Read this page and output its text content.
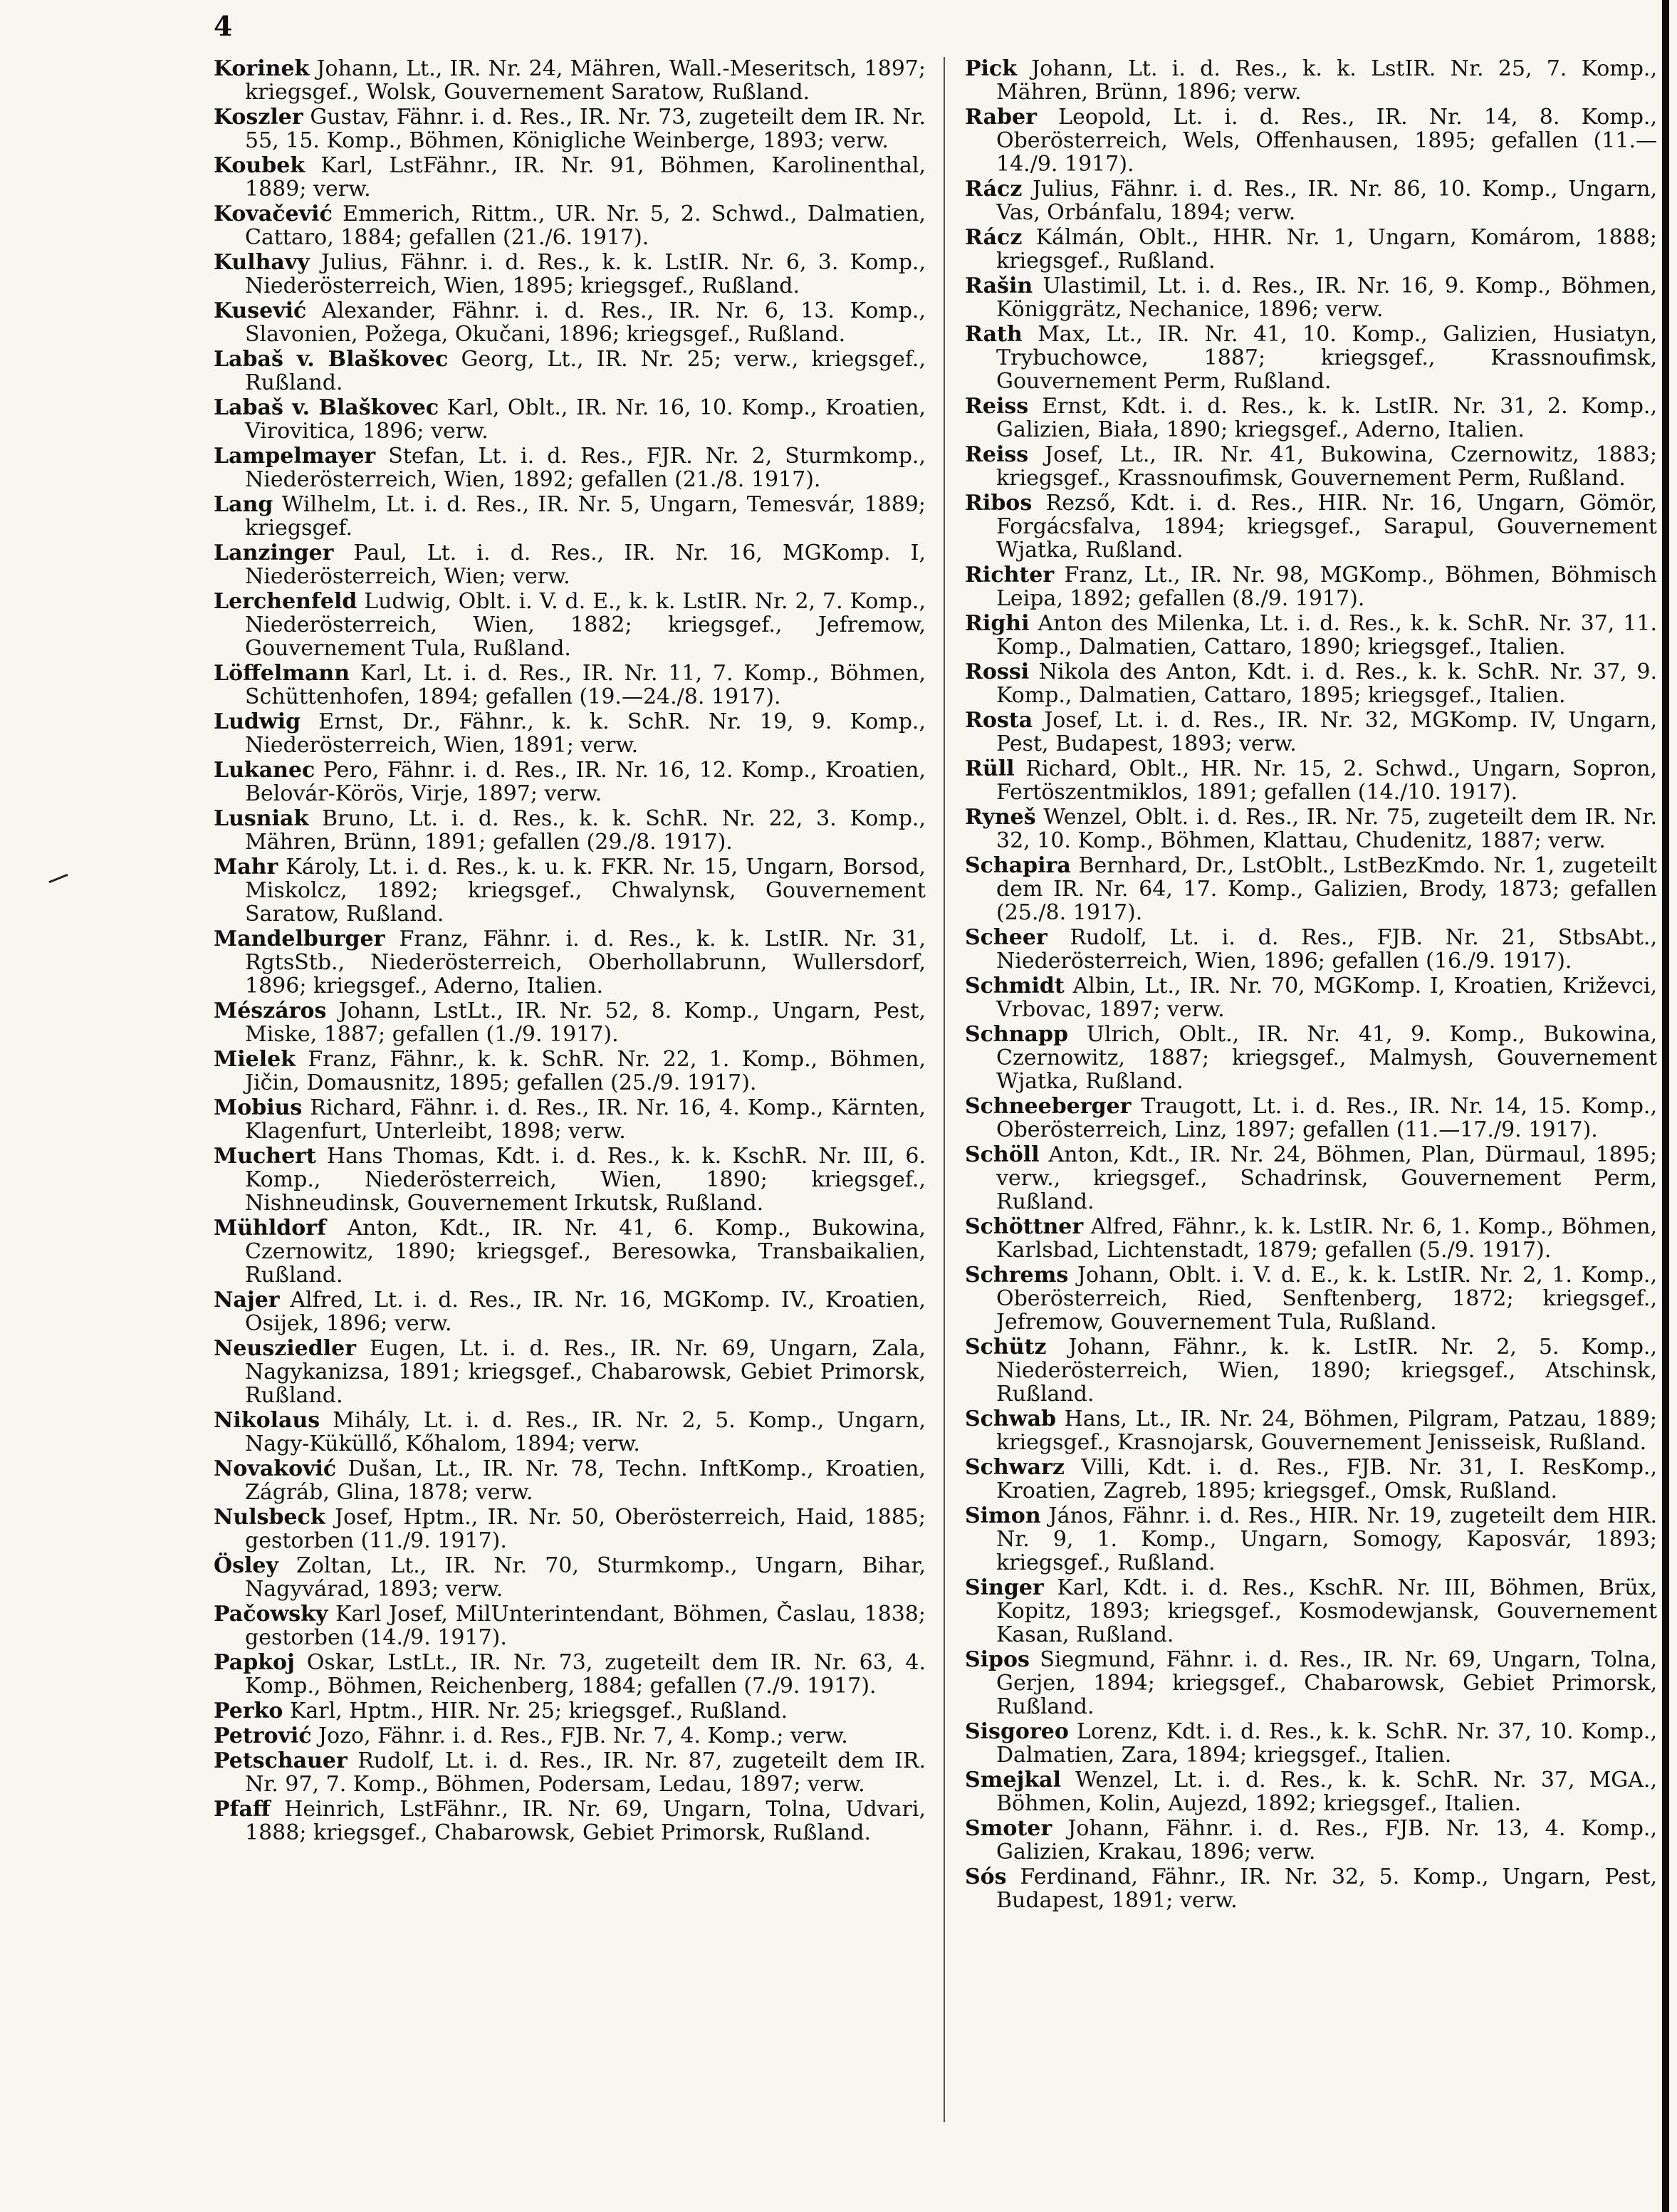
4

Korinek Johann, Lt., IR. Nr. 24, Mähren, Wall.-Meseritsch, 1897; kriegsgef., Wolsk, Gouvernement Saratow, Rußland.

Koszler Gustav, Fähnr. i. d. Res., IR. Nr. 73, zugeteilt dem IR. Nr. 55, 15. Komp., Böhmen, Königliche Weinberge, 1893; verw.

Koubek Karl, LstFähnr., IR. Nr. 91, Böhmen, Karolinenthal, 1889; verw.

Kovačević Emmerich, Rittm., UR. Nr. 5, 2. Schwd., Dalmatien, Cattaro, 1884; gefallen (21./6. 1917).

Kulhavy Julius, Fähnr. i. d. Res., k. k. LstIR. Nr. 6, 3. Komp., Niederösterreich, Wien, 1895; kriegsgef., Rußland.

Kusević Alexander, Fähnr. i. d. Res., IR. Nr. 6, 13. Komp., Slavonien, Požega, Okučani, 1896; kriegsgef., Rußland.

Labaš v. Blaškovec Georg, Lt., IR. Nr. 25; verw., kriegsgef., Rußland.

Labaš v. Blaškovec Karl, Oblt., IR. Nr. 16, 10. Komp., Kroatien, Virovitica, 1896; verw.

Lampelmayer Stefan, Lt. i. d. Res., FJR. Nr. 2, Sturmkomp., Niederösterreich, Wien, 1892; gefallen (21./8. 1917).

Lang Wilhelm, Lt. i. d. Res., IR. Nr. 5, Ungarn, Temesvár, 1889; kriegsgef.

Lanzinger Paul, Lt. i. d. Res., IR. Nr. 16, MGKomp. I, Niederösterreich, Wien; verw.

Lerchenfeld Ludwig, Oblt. i. V. d. E., k. k. LstIR. Nr. 2, 7. Komp., Niederösterreich, Wien, 1882; kriegsgef., Jefremow, Gouvernement Tula, Rußland.

Löffelmann Karl, Lt. i. d. Res., IR. Nr. 11, 7. Komp., Böhmen, Schüttenhofen, 1894; gefallen (19.—24./8. 1917).

Ludwig Ernst, Dr., Fähnr., k. k. SchR. Nr. 19, 9. Komp., Niederösterreich, Wien, 1891; verw.

Lukanec Pero, Fähnr. i. d. Res., IR. Nr. 16, 12. Komp., Kroatien, Belovár-Körös, Virje, 1897; verw.

Lusniak Bruno, Lt. i. d. Res., k. k. SchR. Nr. 22, 3. Komp., Mähren, Brünn, 1891; gefallen (29./8. 1917).

Mahr Károly, Lt. i. d. Res., k. u. k. FKR. Nr. 15, Ungarn, Borsod, Miskolcz, 1892; kriegsgef., Chwalynsk, Gouvernement Saratow, Rußland.

Mandelburger Franz, Fähnr. i. d. Res., k. k. LstIR. Nr. 31, RgtsStb., Niederösterreich, Oberhollabrunn, Wullersdorf, 1896; kriegsgef., Aderno, Italien.

Mészáros Johann, LstLt., IR. Nr. 52, 8. Komp., Ungarn, Pest, Miske, 1887; gefallen (1./9. 1917).

Mielek Franz, Fähnr., k. k. SchR. Nr. 22, 1. Komp., Böhmen, Jičin, Domausnitz, 1895; gefallen (25./9. 1917).

Mobius Richard, Fähnr. i. d. Res., IR. Nr. 16, 4. Komp., Kärnten, Klagenfurt, Unterleibt, 1898; verw.

Muchert Hans Thomas, Kdt. i. d. Res., k. k. KschR. Nr. III, 6. Komp., Niederösterreich, Wien, 1890; kriegsgef., Nishneudinsk, Gouvernement Irkutsk, Rußland.

Mühldorf Anton, Kdt., IR. Nr. 41, 6. Komp., Bukowina, Czernowitz, 1890; kriegsgef., Beresowka, Transbaikalien, Rußland.

Najer Alfred, Lt. i. d. Res., IR. Nr. 16, MGKomp. IV., Kroatien, Osijek, 1896; verw.

Neusziedler Eugen, Lt. i. d. Res., IR. Nr. 69, Ungarn, Zala, Nagykanizsa, 1891; kriegsgef., Chabarowsk, Gebiet Primorsk, Rußland.

Nikolaus Mihály, Lt. i. d. Res., IR. Nr. 2, 5. Komp., Ungarn, Nagy-Küküllő, Kőhalom, 1894; verw.

Novaković Dušan, Lt., IR. Nr. 78, Techn. InftKomp., Kroatien, Zágráb, Glina, 1878; verw.

Nulsbeck Josef, Hptm., IR. Nr. 50, Oberösterreich, Haid, 1885; gestorben (11./9. 1917).

Ösley Zoltan, Lt., IR. Nr. 70, Sturmkomp., Ungarn, Bihar, Nagyvárad, 1893; verw.

Pačowsky Karl Josef, MilUnterintendant, Böhmen, Časlau, 1838; gestorben (14./9. 1917).

Papkoj Oskar, LstLt., IR. Nr. 73, zugeteilt dem IR. Nr. 63, 4. Komp., Böhmen, Reichenberg, 1884; gefallen (7./9. 1917).

Perko Karl, Hptm., HIR. Nr. 25; kriegsgef., Rußland.

Petrović Jozo, Fähnr. i. d. Res., FJB. Nr. 7, 4. Komp.; verw.

Petschauer Rudolf, Lt. i. d. Res., IR. Nr. 87, zugeteilt dem IR. Nr. 97, 7. Komp., Böhmen, Podersam, Ledau, 1897; verw.

Pfaff Heinrich, LstFähnr., IR. Nr. 69, Ungarn, Tolna, Udvari, 1888; kriegsgef., Chabarowsk, Gebiet Primorsk, Rußland.

Pick Johann, Lt. i. d. Res., k. k. LstIR. Nr. 25, 7. Komp., Mähren, Brünn, 1896; verw.

Raber Leopold, Lt. i. d. Res., IR. Nr. 14, 8. Komp., Oberösterreich, Wels, Offenhausen, 1895; gefallen (11.—14./9. 1917).

Rácz Julius, Fähnr. i. d. Res., IR. Nr. 86, 10. Komp., Ungarn, Vas, Orbánfalu, 1894; verw.

Rácz Kálmán, Oblt., HHR. Nr. 1, Ungarn, Komárom, 1888; kriegsgef., Rußland.

Rašin Ulastimil, Lt. i. d. Res., IR. Nr. 16, 9. Komp., Böhmen, Königgrätz, Nechanice, 1896; verw.

Rath Max, Lt., IR. Nr. 41, 10. Komp., Galizien, Husiatyn, Trybuchowce, 1887; kriegsgef., Krassnoufimsk, Gouvernement Perm, Rußland.

Reiss Ernst, Kdt. i. d. Res., k. k. LstIR. Nr. 31, 2. Komp., Galizien, Biała, 1890; kriegsgef., Aderno, Italien.

Reiss Josef, Lt., IR. Nr. 41, Bukowina, Czernowitz, 1883; kriegsgef., Krassnoufimsk, Gouvernement Perm, Rußland.

Ribos Rezső, Kdt. i. d. Res., HIR. Nr. 16, Ungarn, Gömör, Forgácsfalva, 1894; kriegsgef., Sarapul, Gouvernement Wjatka, Rußland.

Richter Franz, Lt., IR. Nr. 98, MGKomp., Böhmen, Böhmisch Leipa, 1892; gefallen (8./9. 1917).

Righi Anton des Milenka, Lt. i. d. Res., k. k. SchR. Nr. 37, 11. Komp., Dalmatien, Cattaro, 1890; kriegsgef., Italien.

Rossi Nikola des Anton, Kdt. i. d. Res., k. k. SchR. Nr. 37, 9. Komp., Dalmatien, Cattaro, 1895; kriegsgef., Italien.

Rosta Josef, Lt. i. d. Res., IR. Nr. 32, MGKomp. IV, Ungarn, Pest, Budapest, 1893; verw.

Rüll Richard, Oblt., HR. Nr. 15, 2. Schwd., Ungarn, Sopron, Fertöszentmiklos, 1891; gefallen (14./10. 1917).

Ryneš Wenzel, Oblt. i. d. Res., IR. Nr. 75, zugeteilt dem IR. Nr. 32, 10. Komp., Böhmen, Klattau, Chudenitz, 1887; verw.

Schapira Bernhard, Dr., LstOblt., LstBezKmdo. Nr. 1, zugeteilt dem IR. Nr. 64, 17. Komp., Galizien, Brody, 1873; gefallen (25./8. 1917).

Scheer Rudolf, Lt. i. d. Res., FJB. Nr. 21, StbsAbt., Niederösterreich, Wien, 1896; gefallen (16./9. 1917).

Schmidt Albin, Lt., IR. Nr. 70, MGKomp. I, Kroatien, Križevci, Vrbovac, 1897; verw.

Schnapp Ulrich, Oblt., IR. Nr. 41, 9. Komp., Bukowina, Czernowitz, 1887; kriegsgef., Malmysh, Gouvernement Wjatka, Rußland.

Schneeberger Traugott, Lt. i. d. Res., IR. Nr. 14, 15. Komp., Oberösterreich, Linz, 1897; gefallen (11.—17./9. 1917).

Schöll Anton, Kdt., IR. Nr. 24, Böhmen, Plan, Dürmaul, 1895; verw., kriegsgef., Schadrinsk, Gouvernement Perm, Rußland.

Schöttner Alfred, Fähnr., k. k. LstIR. Nr. 6, 1. Komp., Böhmen, Karlsbad, Lichtenstadt, 1879; gefallen (5./9. 1917).

Schrems Johann, Oblt. i. V. d. E., k. k. LstIR. Nr. 2, 1. Komp., Oberösterreich, Ried, Senftenberg, 1872; kriegsgef., Jefremow, Gouvernement Tula, Rußland.

Schütz Johann, Fähnr., k. k. LstIR. Nr. 2, 5. Komp., Niederösterreich, Wien, 1890; kriegsgef., Atschinsk, Rußland.

Schwab Hans, Lt., IR. Nr. 24, Böhmen, Pilgram, Patzau, 1889; kriegsgef., Krasnojarsk, Gouvernement Jenisseisk, Rußland.

Schwarz Villi, Kdt. i. d. Res., FJB. Nr. 31, I. ResKomp., Kroatien, Zagreb, 1895; kriegsgef., Omsk, Rußland.

Simon János, Fähnr. i. d. Res., HIR. Nr. 19, zugeteilt dem HIR. Nr. 9, 1. Komp., Ungarn, Somogy, Kaposvár, 1893; kriegsgef., Rußland.

Singer Karl, Kdt. i. d. Res., KschR. Nr. III, Böhmen, Brüx, Kopitz, 1893; kriegsgef., Kosmodewjansk, Gouvernement Kasan, Rußland.

Sipos Siegmund, Fähnr. i. d. Res., IR. Nr. 69, Ungarn, Tolna, Gerjen, 1894; kriegsgef., Chabarowsk, Gebiet Primorsk, Rußland.

Sisgoreo Lorenz, Kdt. i. d. Res., k. k. SchR. Nr. 37, 10. Komp., Dalmatien, Zara, 1894; kriegsgef., Italien.

Smejkal Wenzel, Lt. i. d. Res., k. k. SchR. Nr. 37, MGA., Böhmen, Kolin, Aujezd, 1892; kriegsgef., Italien.

Smoter Johann, Fähnr. i. d. Res., FJB. Nr. 13, 4. Komp., Galizien, Krakau, 1896; verw.

Sós Ferdinand, Fähnr., IR. Nr. 32, 5. Komp., Ungarn, Pest, Budapest, 1891; verw.
